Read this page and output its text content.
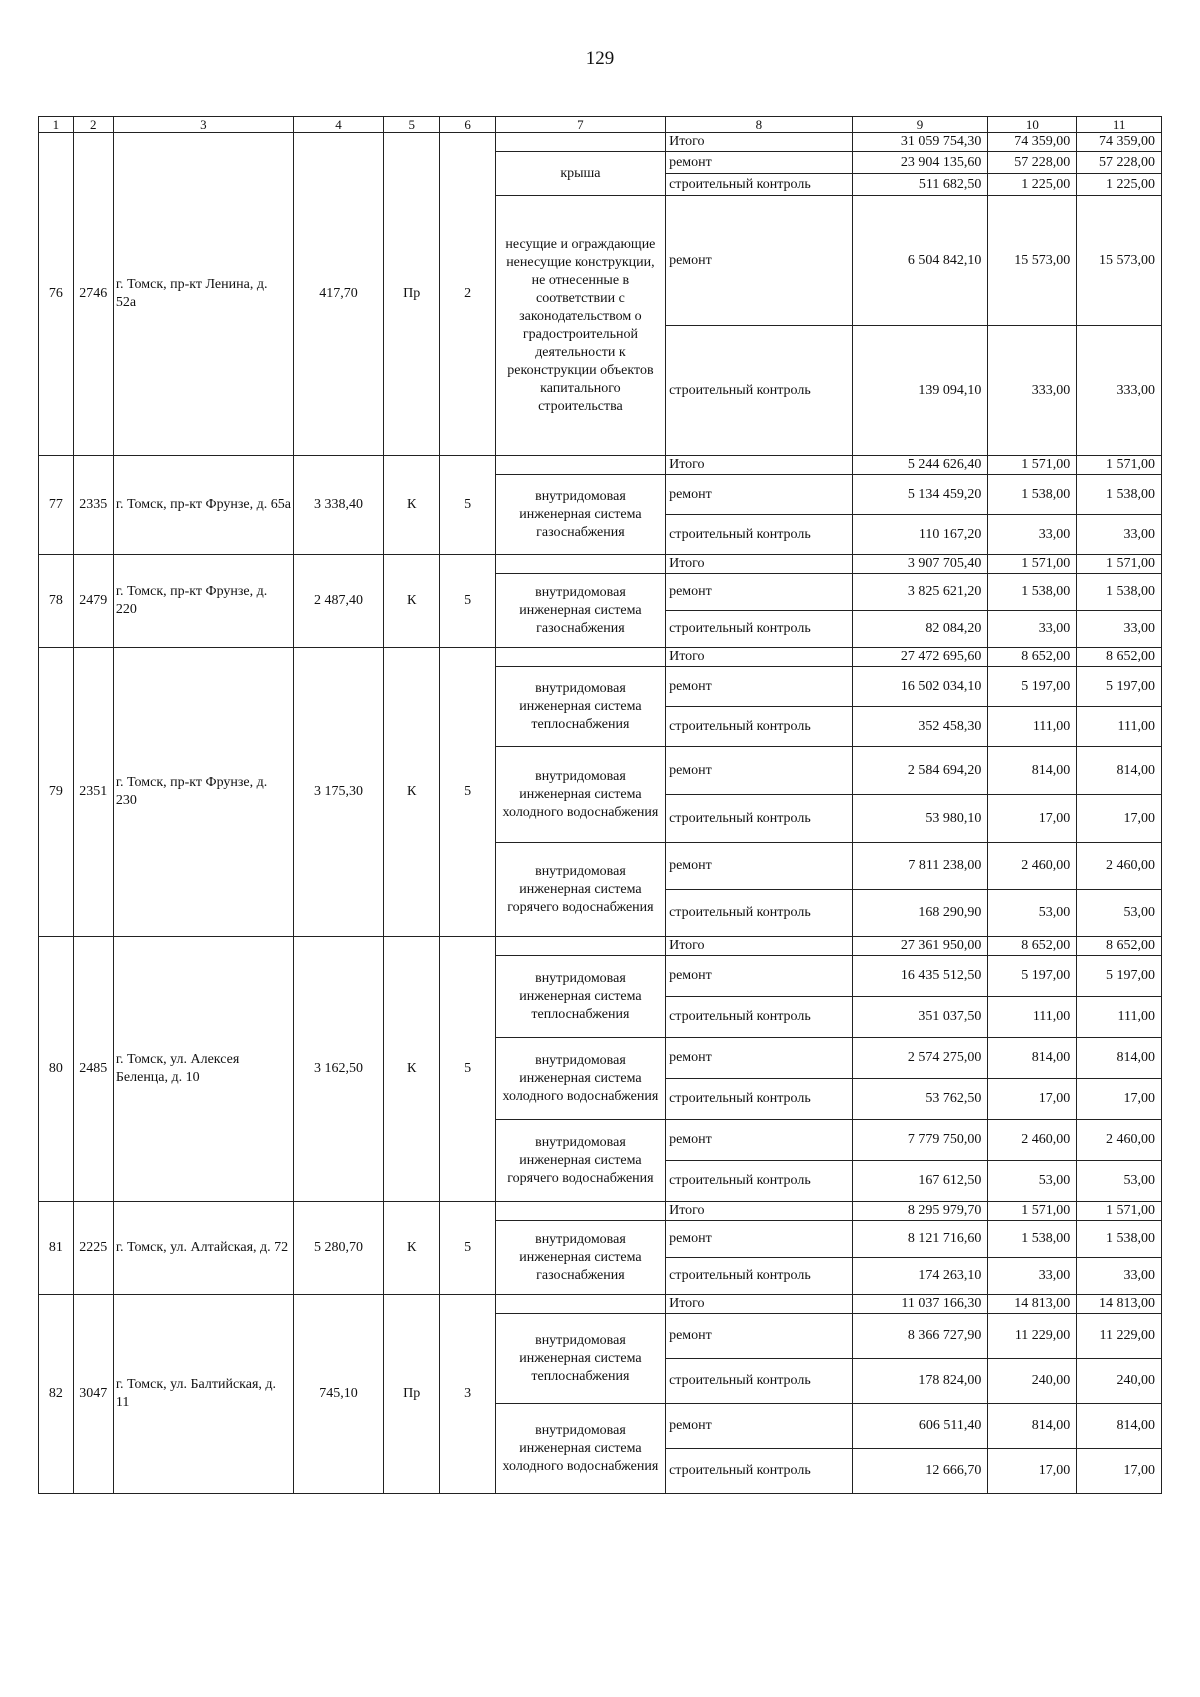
129
1	2	3	4	5	6	7	8	9	10	11
76	2746	г. Томск, пр-кт Ленина, д. 52а	417,70	Пр	2		Итого	31 059 754,30	74 359,00	74 359,00
						крыша	ремонт	23 904 135,60	57 228,00	57 228,00
							строительный контроль	511 682,50	1 225,00	1 225,00
						несущие и ограждающие ненесущие конструкции, не отнесенные в соответствии с законодательством о градостроительной деятельности к реконструкции объектов капитального строительства	ремонт	6 504 842,10	15 573,00	15 573,00
							строительный контроль	139 094,10	333,00	333,00
77	2335	г. Томск, пр-кт Фрунзе, д. 65а	3 338,40	К	5		Итого	5 244 626,40	1 571,00	1 571,00
						внутридомовая инженерная система газоснабжения	ремонт	5 134 459,20	1 538,00	1 538,00
							строительный контроль	110 167,20	33,00	33,00
78	2479	г. Томск, пр-кт Фрунзе, д. 220	2 487,40	К	5		Итого	3 907 705,40	1 571,00	1 571,00
						внутридомовая инженерная система газоснабжения	ремонт	3 825 621,20	1 538,00	1 538,00
							строительный контроль	82 084,20	33,00	33,00
79	2351	г. Томск, пр-кт Фрунзе, д. 230	3 175,30	К	5		Итого	27 472 695,60	8 652,00	8 652,00
						внутридомовая инженерная система теплоснабжения	ремонт	16 502 034,10	5 197,00	5 197,00
							строительный контроль	352 458,30	111,00	111,00
						внутридомовая инженерная система холодного водоснабжения	ремонт	2 584 694,20	814,00	814,00
							строительный контроль	53 980,10	17,00	17,00
						внутридомовая инженерная система горячего водоснабжения	ремонт	7 811 238,00	2 460,00	2 460,00
							строительный контроль	168 290,90	53,00	53,00
80	2485	г. Томск, ул. Алексея Беленца, д. 10	3 162,50	К	5		Итого	27 361 950,00	8 652,00	8 652,00
						внутридомовая инженерная система теплоснабжения	ремонт	16 435 512,50	5 197,00	5 197,00
							строительный контроль	351 037,50	111,00	111,00
						внутридомовая инженерная система холодного водоснабжения	ремонт	2 574 275,00	814,00	814,00
							строительный контроль	53 762,50	17,00	17,00
						внутридомовая инженерная система горячего водоснабжения	ремонт	7 779 750,00	2 460,00	2 460,00
							строительный контроль	167 612,50	53,00	53,00
81	2225	г. Томск, ул. Алтайская, д. 72	5 280,70	К	5		Итого	8 295 979,70	1 571,00	1 571,00
						внутридомовая инженерная система газоснабжения	ремонт	8 121 716,60	1 538,00	1 538,00
							строительный контроль	174 263,10	33,00	33,00
82	3047	г. Томск, ул. Балтийская, д. 11	745,10	Пр	3		Итого	11 037 166,30	14 813,00	14 813,00
						внутридомовая инженерная система теплоснабжения	ремонт	8 366 727,90	11 229,00	11 229,00
							строительный контроль	178 824,00	240,00	240,00
						внутридомовая инженерная система холодного водоснабжения	ремонт	606 511,40	814,00	814,00
							строительный контроль	12 666,70	17,00	17,00
